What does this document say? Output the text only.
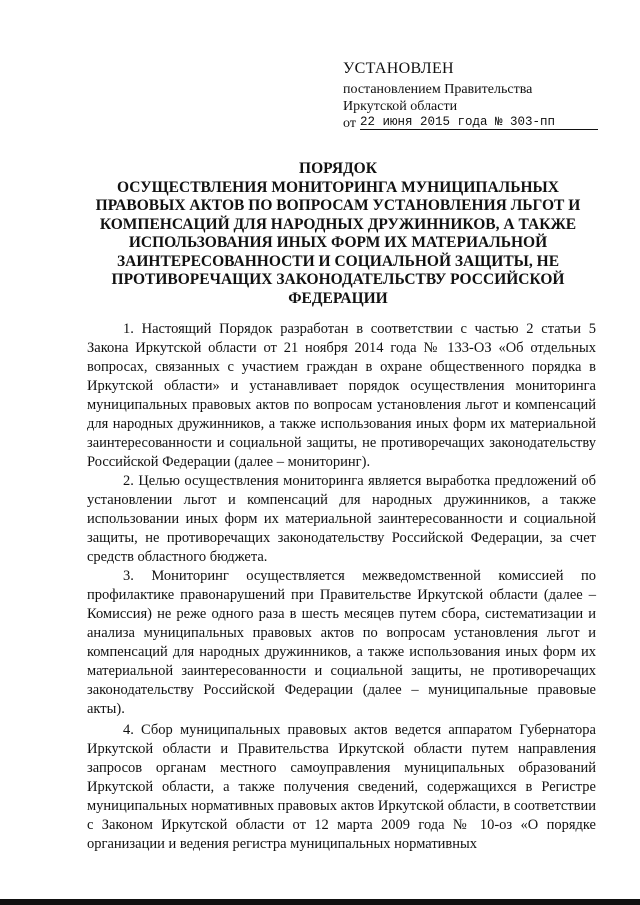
УСТАНОВЛЕН
постановлением Правительства
Иркутской области
от 22 июня 2015 года № 303-пп
ПОРЯДОК
ОСУЩЕСТВЛЕНИЯ МОНИТОРИНГА МУНИЦИПАЛЬНЫХ
ПРАВОВЫХ АКТОВ ПО ВОПРОСАМ УСТАНОВЛЕНИЯ ЛЬГОТ И
КОМПЕНСАЦИЙ ДЛЯ НАРОДНЫХ ДРУЖИННИКОВ, А ТАКЖЕ
ИСПОЛЬЗОВАНИЯ ИНЫХ ФОРМ ИХ МАТЕРИАЛЬНОЙ
ЗАИНТЕРЕСОВАННОСТИ И СОЦИАЛЬНОЙ ЗАЩИТЫ, НЕ
ПРОТИВОРЕЧАЩИХ ЗАКОНОДАТЕЛЬСТВУ РОССИЙСКОЙ
ФЕДЕРАЦИИ

1. Настоящий Порядок разработан в соответствии с частью 2 статьи 5 Закона Иркутской области от 21 ноября 2014 года № 133-ОЗ «Об отдельных вопросах, связанных с участием граждан в охране общественного порядка в Иркутской области» и устанавливает порядок осуществления мониторинга муниципальных правовых актов по вопросам установления льгот и компенсаций для народных дружинников, а также использования иных форм их материальной заинтересованности и социальной защиты, не противоречащих законодательству Российской Федерации (далее – мониторинг).

2. Целью осуществления мониторинга является выработка предложений об установлении льгот и компенсаций для народных дружинников, а также использовании иных форм их материальной заинтересованности и социальной защиты, не противоречащих законодательству Российской Федерации, за счет средств областного бюджета.

3. Мониторинг осуществляется межведомственной комиссией по профилактике правонарушений при Правительстве Иркутской области (далее – Комиссия) не реже одного раза в шесть месяцев путем сбора, систематизации и анализа муниципальных правовых актов по вопросам установления льгот и компенсаций для народных дружинников, а также использования иных форм их материальной заинтересованности и социальной защиты, не противоречащих законодательству Российской Федерации (далее – муниципальные правовые акты).

4. Сбор муниципальных правовых актов ведется аппаратом Губернатора Иркутской области и Правительства Иркутской области путем направления запросов органам местного самоуправления муниципальных образований Иркутской области, а также получения сведений, содержащихся в Регистре муниципальных нормативных правовых актов Иркутской области, в соответствии с Законом Иркутской области от 12 марта 2009 года № 10-оз «О порядке организации и ведения регистра муниципальных нормативных
